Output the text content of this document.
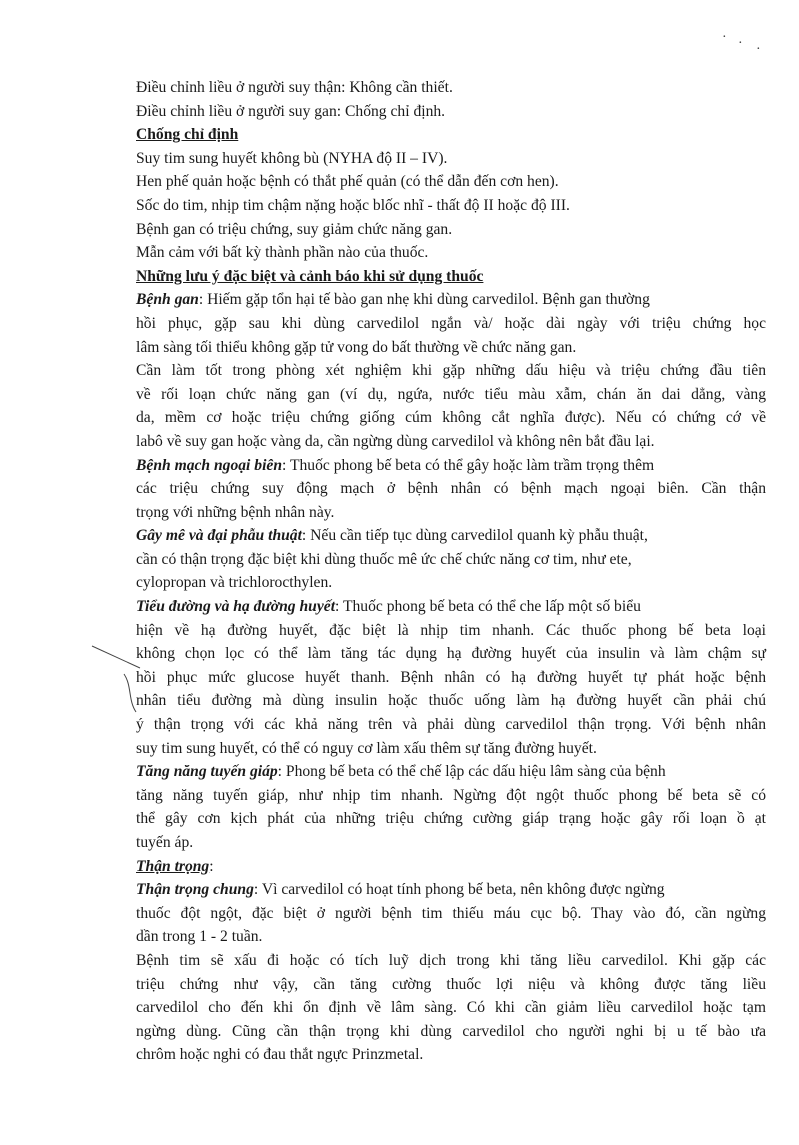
· · ·
Điều chỉnh liều ở người suy thận: Không cần thiết.
Điều chỉnh liều ở người suy gan: Chống chỉ định.
Chống chỉ định
Suy tim sung huyết không bù (NYHA độ II – IV).
Hen phế quản hoặc bệnh có thắt phế quản (có thể dẫn đến cơn hen).
Sốc do tim, nhịp tim chậm nặng hoặc blốc nhĩ - thất độ II hoặc độ III.
Bệnh gan có triệu chứng, suy giảm chức năng gan.
Mẫn cảm với bất kỳ thành phần nào của thuốc.
Những lưu ý đặc biệt và cảnh báo khi sử dụng thuốc
Bệnh gan: Hiếm gặp tổn hại tế bào gan nhẹ khi dùng carvedilol. Bệnh gan thường
hồi phục, gặp sau khi dùng carvedilol ngắn và/ hoặc dài ngày với triệu chứng học
lâm sàng tối thiểu không gặp tử vong do bất thường về chức năng gan.
Cần làm tốt trong phòng xét nghiệm khi gặp những dấu hiệu và triệu chứng đầu tiên
về rối loạn chức năng gan (ví dụ, ngứa, nước tiểu màu xẫm, chán ăn dai dẳng, vàng
da, mềm cơ hoặc triệu chứng giống cúm không cắt nghĩa được). Nếu có chứng cớ về
labô về suy gan hoặc vàng da, cần ngừng dùng carvedilol và không nên bắt đầu lại.
Bệnh mạch ngoại biên: Thuốc phong bế beta có thể gây hoặc làm trầm trọng thêm
các triệu chứng suy động mạch ở bệnh nhân có bệnh mạch ngoại biên. Cần thận
trọng với những bệnh nhân này.
Gây mê và đại phẫu thuật: Nếu cần tiếp tục dùng carvedilol quanh kỳ phẫu thuật,
cần có thận trọng đặc biệt khi dùng thuốc mê ức chế chức năng cơ tim, như ete,
cylopropan và trichlorocthylen.
Tiểu đường và hạ đường huyết: Thuốc phong bế beta có thể che lấp một số biểu
hiện về hạ đường huyết, đặc biệt là nhịp tim nhanh. Các thuốc phong bế beta loại
không chọn lọc có thể làm tăng tác dụng hạ đường huyết của insulin và làm chậm sự
hồi phục mức glucose huyết thanh. Bệnh nhân có hạ đường huyết tự phát hoặc bệnh
nhân tiểu đường mà dùng insulin hoặc thuốc uống làm hạ đường huyết cần phải chú
ý thận trọng với các khả năng trên và phải dùng carvedilol thận trọng. Với bệnh nhân
suy tim sung huyết, có thể có nguy cơ làm xấu thêm sự tăng đường huyết.
Tăng năng tuyến giáp: Phong bế beta có thể chế lập các dấu hiệu lâm sàng của bệnh
tăng năng tuyến giáp, như nhịp tim nhanh. Ngừng đột ngột thuốc phong bế beta sẽ có
thể gây cơn kịch phát của những triệu chứng cường giáp trạng hoặc gây rối loạn ồ ạt
tuyến áp.
Thận trọng:
Thận trọng chung: Vì carvedilol có hoạt tính phong bế beta, nên không được ngừng
thuốc đột ngột, đặc biệt ở người bệnh tim thiếu máu cục bộ. Thay vào đó, cần ngừng
dần trong 1 - 2 tuần.
Bệnh tim sẽ xấu đi hoặc có tích luỹ dịch trong khi tăng liều carvedilol. Khi gặp các
triệu chứng như vậy, cần tăng cường thuốc lợi niệu và không được tăng liều
carvedilol cho đến khi ổn định về lâm sàng. Có khi cần giảm liều carvedilol hoặc tạm
ngừng dùng. Cũng cần thận trọng khi dùng carvedilol cho người nghi bị u tế bào ưa
chrôm hoặc nghi có đau thắt ngực Prinzmetal.
